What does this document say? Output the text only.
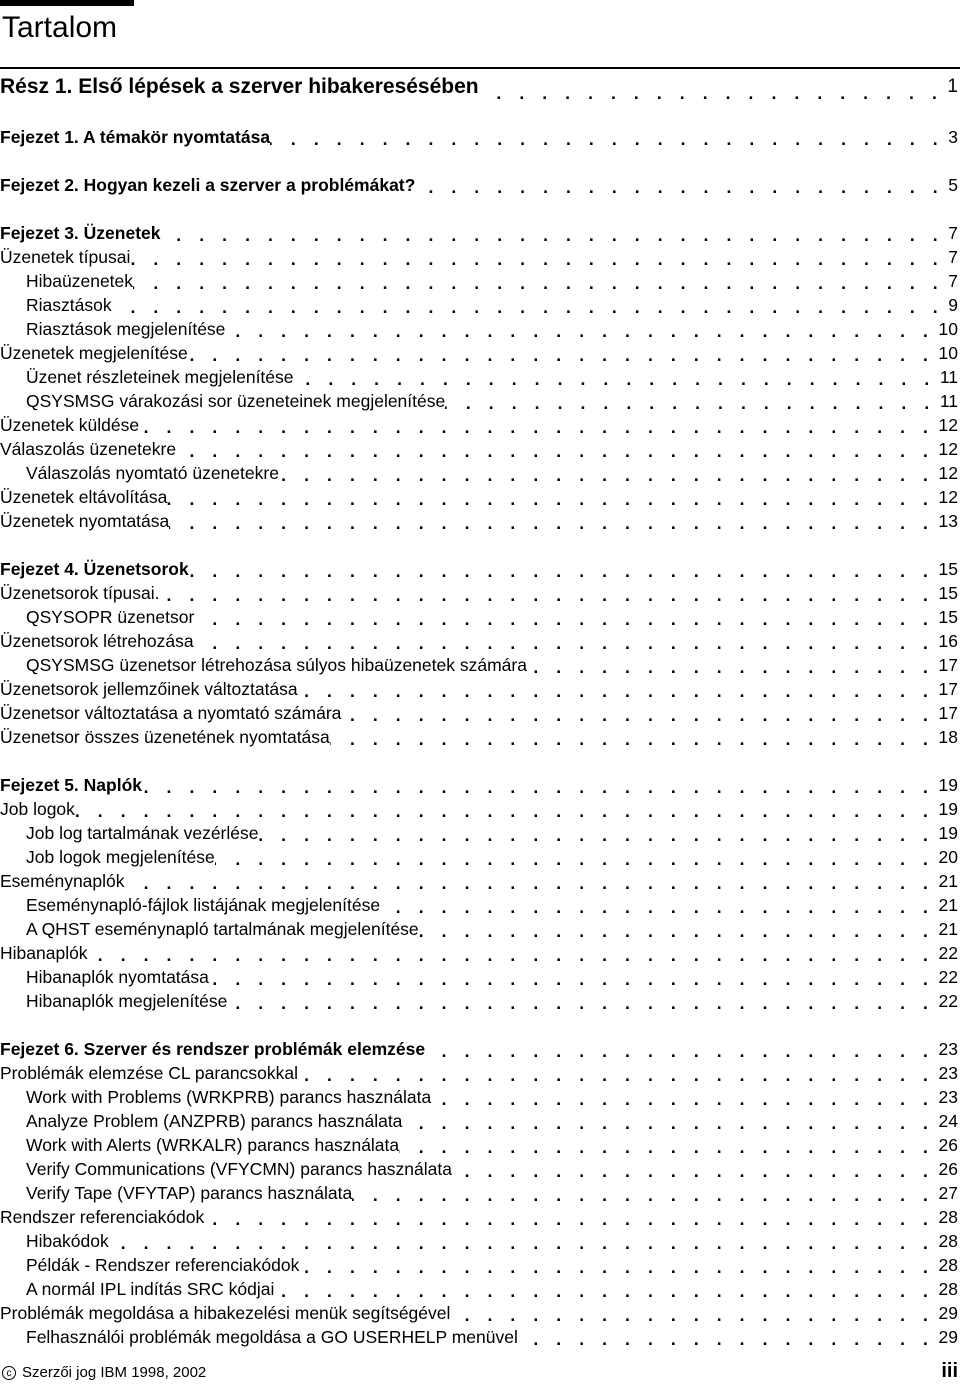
Tartalom
Rész 1. Első lépések a szerver hibakeresésében . . .	1
Fejezet 1. A témakör nyomtatása . . .	3
Fejezet 2. Hogyan kezeli a szerver a problémákat? . . .	5
Fejezet 3. Üzenetek . . .	7
Üzenetek típusai . . .	7
Hibaüzenetek . . .	7
Riasztások . . .	9
Riasztások megjelenítése . . .	10
Üzenetek megjelenítése . . .	10
Üzenet részleteinek megjelenítése . . .	11
QSYSMSG várakozási sor üzeneteinek megjelenítése . . .	11
Üzenetek küldése . . .	12
Válaszolás üzenetekre . . .	12
Válaszolás nyomtató üzenetekre . . .	12
Üzenetek eltávolítása . . .	12
Üzenetek nyomtatása . . .	13
Fejezet 4. Üzenetsorok . . .	15
Üzenetsorok típusai. . . .	15
QSYSOPR üzenetsor . . .	15
Üzenetsorok létrehozása . . .	16
QSYSMSG üzenetsor létrehozása súlyos hibaüzenetek számára . . .	17
Üzenetsorok jellemzőinek változtatása . . .	17
Üzenetsor változtatása a nyomtató számára . . .	17
Üzenetsor összes üzenetének nyomtatása . . .	18
Fejezet 5. Naplók . . .	19
Job logok . . .	19
Job log tartalmának vezérlése . . .	19
Job logok megjelenítése . . .	20
Eseménynaplók . . .	21
Eseménynapló-fájlok listájának megjelenítése . . .	21
A QHST eseménynapló tartalmának megjelenítése . . .	21
Hibanaplók . . .	22
Hibanaplók nyomtatása . . .	22
Hibanaplók megjelenítése . . .	22
Fejezet 6. Szerver és rendszer problémák elemzése . . .	23
Problémák elemzése CL parancsokkal . . .	23
Work with Problems (WRKPRB) parancs használata . . .	23
Analyze Problem (ANZPRB) parancs használata . . .	24
Work with Alerts (WRKALR) parancs használata . . .	26
Verify Communications (VFYCMN) parancs használata . . .	26
Verify Tape (VFYTAP) parancs használata . . .	27
Rendszer referenciakódok . . .	28
Hibakódok . . .	28
Példák - Rendszer referenciakódok . . .	28
A normál IPL indítás SRC kódjai . . .	28
Problémák megoldása a hibakezelési menük segítségével . . .	29
Felhasználói problémák megoldása a GO USERHELP menüvel . . .	29
c Szerzői jog IBM 1998, 2002	iii
